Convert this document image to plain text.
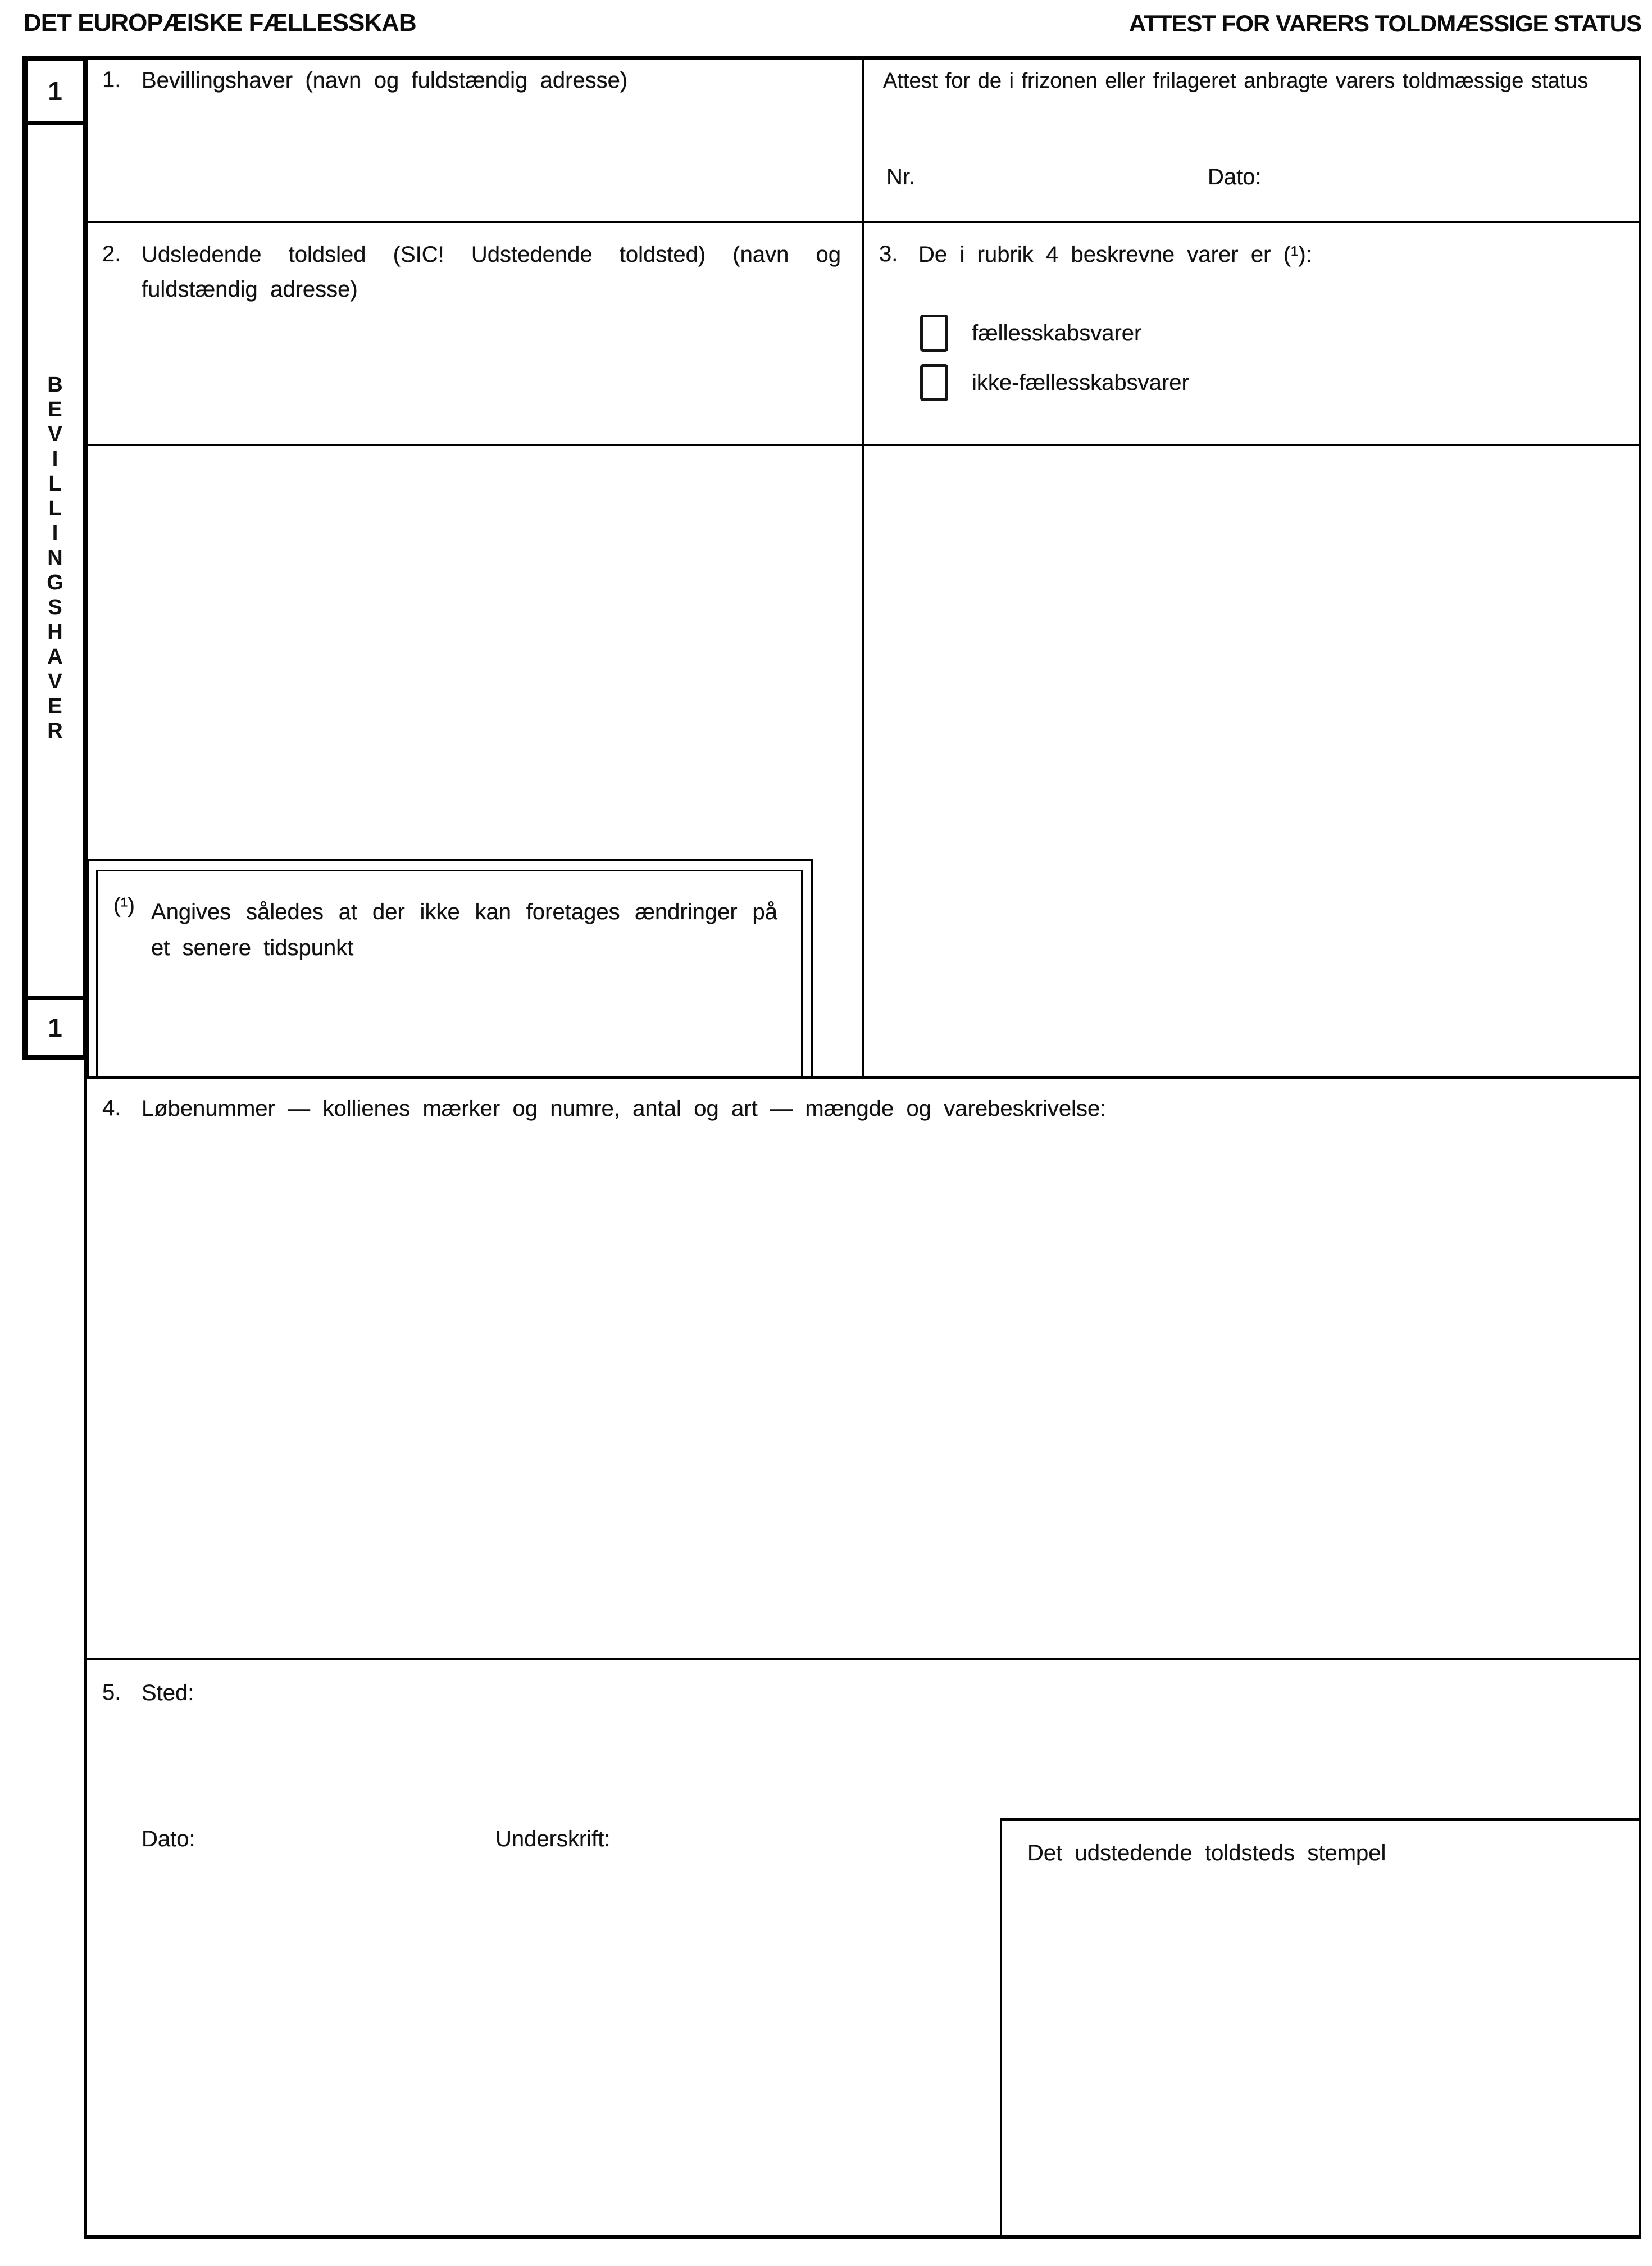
DET EUROPÆISKE FÆLLESSKAB	ATTEST FOR VARERS TOLDMÆSSIGE STATUS
1
BEVILLINGSHAVER
1
1. Bevillingshaver (navn og fuldstændig adresse)	Attest for de i frizonen eller frilageret anbragte varers toldmæssige status
Nr.	Dato:
2. Udsledende toldsled (SIC! Udstedende toldsted) (navn og fuldstændig adresse)
3. De i rubrik 4 beskrevne varer er (¹):
fællesskabsvarer
ikke-fællesskabsvarer
(¹) Angives således at der ikke kan foretages ændringer på et senere tidspunkt
4. Løbenummer — kollienes mærker og numre, antal og art — mængde og varebeskrivelse:
5. Sted:
Dato:	Underskrift:
Det udstedende toldsteds stempel
